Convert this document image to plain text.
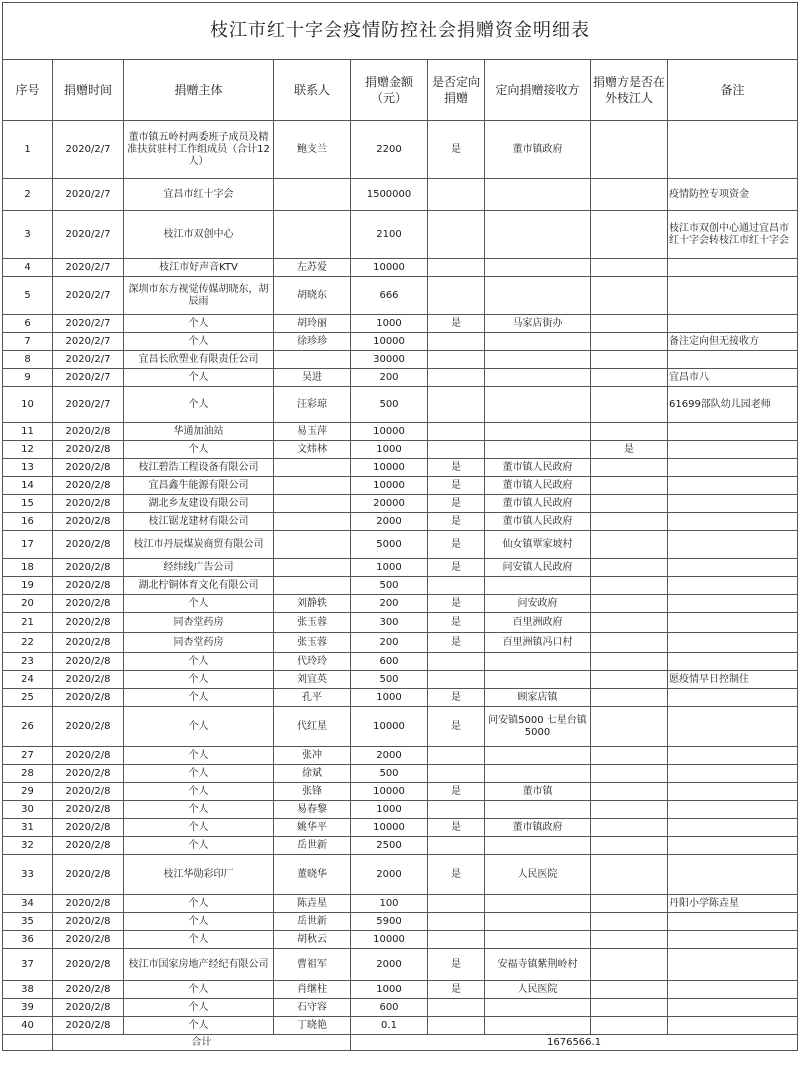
枝江市红十字会疫情防控社会捐赠资金明细表								
序号	捐赠时间	捐赠主体	联系人	捐赠金额（元）	是否定向捐赠	定向捐赠接收方	捐赠方是否在外枝江人	备注
1	2020/2/7	董市镇五岭村两委班子成员及精准扶贫驻村工作组成员（合计12人）	鲍支兰	2200	是	董市镇政府		
2	2020/2/7	宜昌市红十字会		1500000				疫情防控专项资金
3	2020/2/7	枝江市双创中心		2100				枝江市双创中心通过宜昌市红十字会转枝江市红十字会
4	2020/2/7	枝江市好声音KTV	左苏爱	10000				
5	2020/2/7	深圳市东方视觉传媒胡晓东，胡辰雨	胡晓东	666				
6	2020/2/7	个人	胡玲丽	1000	是	马家店街办		
7	2020/2/7	个人	徐珍珍	10000				备注定向但无接收方
8	2020/2/7	宜昌长欣塑业有限责任公司		30000				
9	2020/2/7	个人	吴进	200				宜昌市八
10	2020/2/7	个人	汪彩琼	500				61699部队幼儿园老师
11	2020/2/8	华通加油站	易玉萍	10000				
12	2020/2/8	个人	文炜林	1000			是	
13	2020/2/8	枝江碧浩工程设备有限公司		10000	是	董市镇人民政府		
14	2020/2/8	宜昌鑫牛能源有限公司		10000	是	董市镇人民政府		
15	2020/2/8	湖北乡友建设有限公司		20000	是	董市镇人民政府		
16	2020/2/8	枝江锯龙建材有限公司		2000	是	董市镇人民政府		
17	2020/2/8	枝江市丹辰煤炭商贸有限公司		5000	是	仙女镇覃家坡村		
18	2020/2/8	经纬线广告公司		1000	是	问安镇人民政府		
19	2020/2/8	湖北柠铜体育文化有限公司		500				
20	2020/2/8	个人	刘静轶	200	是	问安政府		
21	2020/2/8	同杏堂药房	张玉蓉	300	是	百里洲政府		
22	2020/2/8	同杏堂药房	张玉蓉	200	是	百里洲镇冯口村		
23	2020/2/8	个人	代玲玲	600				
24	2020/2/8	个人	刘宜英	500				愿疫情早日控制住
25	2020/2/8	个人	孔平	1000	是	顾家店镇		
26	2020/2/8	个人	代红星	10000	是	问安镇5000 七星台镇5000		
27	2020/2/8	个人	张冲	2000				
28	2020/2/8	个人	徐斌	500				
29	2020/2/8	个人	张锋	10000	是	董市镇		
30	2020/2/8	个人	易春黎	1000				
31	2020/2/8	个人	姚华平	10000	是	董市镇政府		
32	2020/2/8	个人	岳世新	2500				
33	2020/2/8	枝江华勋彩印厂	董晓华	2000	是	人民医院		
34	2020/2/8	个人	陈垚星	100				丹阳小学陈垚星
35	2020/2/8	个人	岳世新	5900				
36	2020/2/8	个人	胡秋云	10000				
37	2020/2/8	枝江市国家房地产经纪有限公司	曹祖军	2000	是	安福寺镇紫荆岭村		
38	2020/2/8	个人	肖继柱	1000	是	人民医院		
39	2020/2/8	个人	石守容	600				
40	2020/2/8	个人	丁晓艳	0.1				
	合计			1676566.1				
